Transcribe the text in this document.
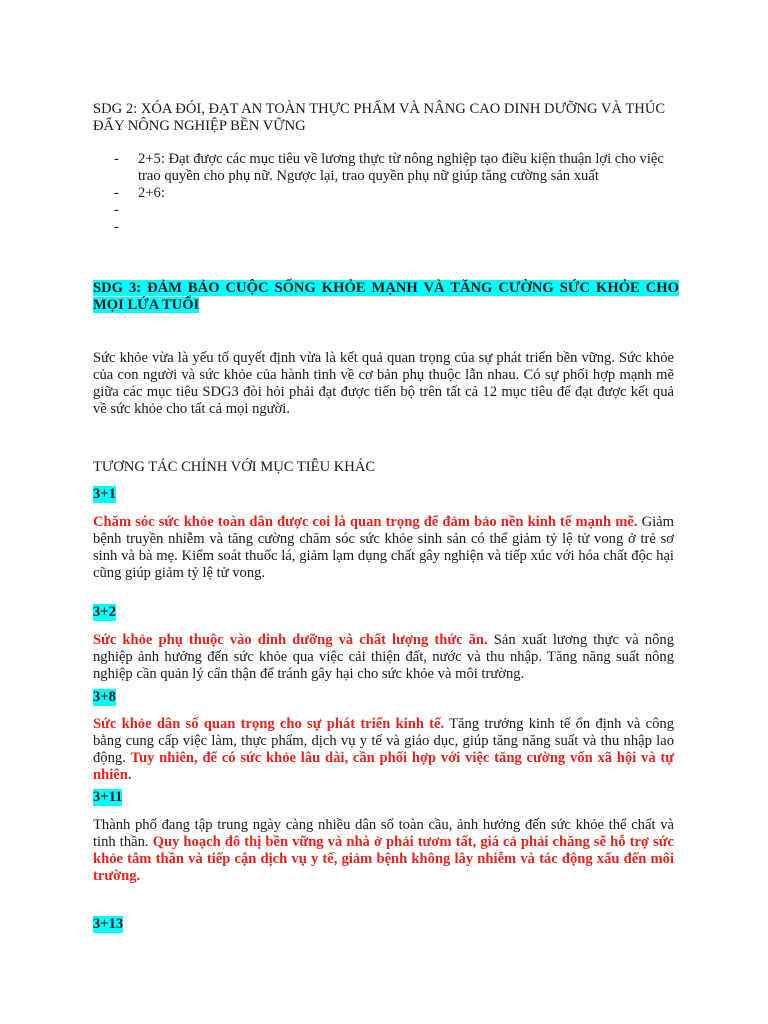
SDG 2: XÓA ĐÓI, ĐẠT AN TOÀN THỰC PHẨM VÀ NÂNG CAO DINH DƯỠNG VÀ THÚC ĐẨY NÔNG NGHIỆP BỀN VỮNG
- 2+5: Đạt được các mục tiêu về lương thực từ nông nghiệp tạo điều kiện thuận lợi cho việc trao quyền cho phụ nữ. Ngược lại, trao quyền phụ nữ giúp tăng cường sản xuất
- 2+6:
-

-

SDG 3: ĐẢM BẢO CUỘC SỐNG KHỎE MẠNH VÀ TĂNG CƯỜNG SỨC KHỎE CHO MỌI LỨA TUỔI
Sức khỏe vừa là yếu tố quyết định vừa là kết quả quan trọng của sự phát triển bền vững. Sức khỏe của con người và sức khỏe của hành tinh về cơ bản phụ thuộc lẫn nhau. Có sự phối hợp mạnh mẽ giữa các mục tiêu SDG3 đòi hỏi phải đạt được tiến bộ trên tất cả 12 mục tiêu để đạt được kết quả về sức khỏe cho tất cả mọi người.
TƯƠNG TÁC CHÍNH VỚI MỤC TIÊU KHÁC
3+1
Chăm sóc sức khỏe toàn dân được coi là quan trọng để đảm bảo nền kinh tế mạnh mẽ. Giảm bệnh truyền nhiễm và tăng cường chăm sóc sức khỏe sinh sản có thể giảm tỷ lệ tử vong ở trẻ sơ sinh và bà mẹ. Kiểm soát thuốc lá, giảm lạm dụng chất gây nghiện và tiếp xúc với hóa chất độc hại cũng giúp giảm tỷ lệ tử vong.
3+2
Sức khỏe phụ thuộc vào dinh dưỡng và chất lượng thức ăn. Sản xuất lương thực và nông nghiệp ảnh hưởng đến sức khỏe qua việc cải thiện đất, nước và thu nhập. Tăng năng suất nông nghiệp cần quản lý cẩn thận để tránh gây hại cho sức khỏe và môi trường.
3+8
Sức khỏe dân số quan trọng cho sự phát triển kinh tế. Tăng trưởng kinh tế ổn định và công bằng cung cấp việc làm, thực phẩm, dịch vụ y tế và giáo dục, giúp tăng năng suất và thu nhập lao động. Tuy nhiên, để có sức khỏe lâu dài, cần phối hợp với việc tăng cường vốn xã hội và tự nhiên.
3+11
Thành phố đang tập trung ngày càng nhiều dân số toàn cầu, ảnh hưởng đến sức khỏe thể chất và tinh thần. Quy hoạch đô thị bền vững và nhà ở phải tươm tất, giá cả phải chăng sẽ hỗ trợ sức khỏe tâm thần và tiếp cận dịch vụ y tế, giảm bệnh không lây nhiễm và tác động xấu đến môi trường.
3+13
